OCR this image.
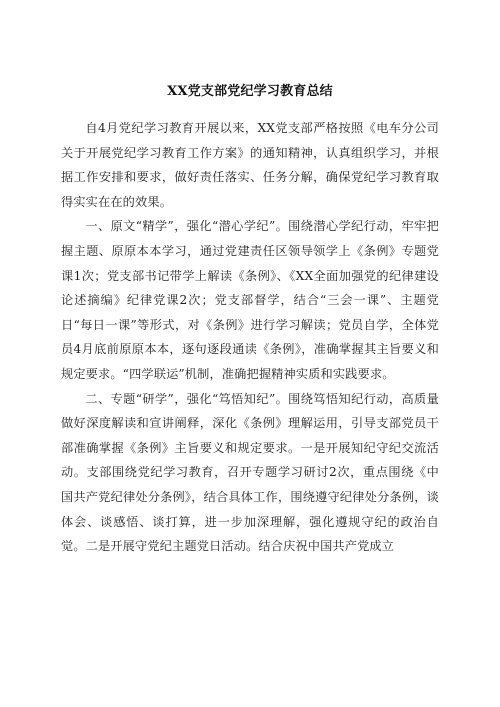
XX党支部党纪学习教育总结

自4月党纪学习教育开展以来，XX党支部严格按照《电车分公司关于开展党纪学习教育工作方案》的通知精神，认真组织学习，并根据工作安排和要求，做好责任落实、任务分解，确保党纪学习教育取得实实在在的效果。

一、原文“精学”，强化“潜心学纪”。围绕潜心学纪行动，牢牢把握主题、原原本本学习，通过党建责任区领导领学上《条例》专题党课1次；党支部书记带学上解读《条例》、《XX全面加强党的纪律建设论述摘编》纪律党课2次；党支部督学，结合“三会一课”、主题党日“每日一课”等形式，对《条例》进行学习解读；党员自学，全体党员4月底前原原本本，逐句逐段通读《条例》，准确掌握其主旨要义和规定要求。“四学联运”机制，准确把握精神实质和实践要求。

二、专题“研学”，强化“笃悟知纪”。围绕笃悟知纪行动，高质量做好深度解读和宣讲阐释，深化《条例》理解运用，引导支部党员干部准确掌握《条例》主旨要义和规定要求。一是开展知纪守纪交流活动。支部围绕党纪学习教育，召开专题学习研讨2次，重点围绕《中国共产党纪律处分条例》，结合具体工作，围绕遵守纪律处分条例，谈体会、谈感悟、谈打算，进一步加深理解，强化遵规守纪的政治自觉。二是开展守党纪主题党日活动。结合庆祝中国共产党成立
